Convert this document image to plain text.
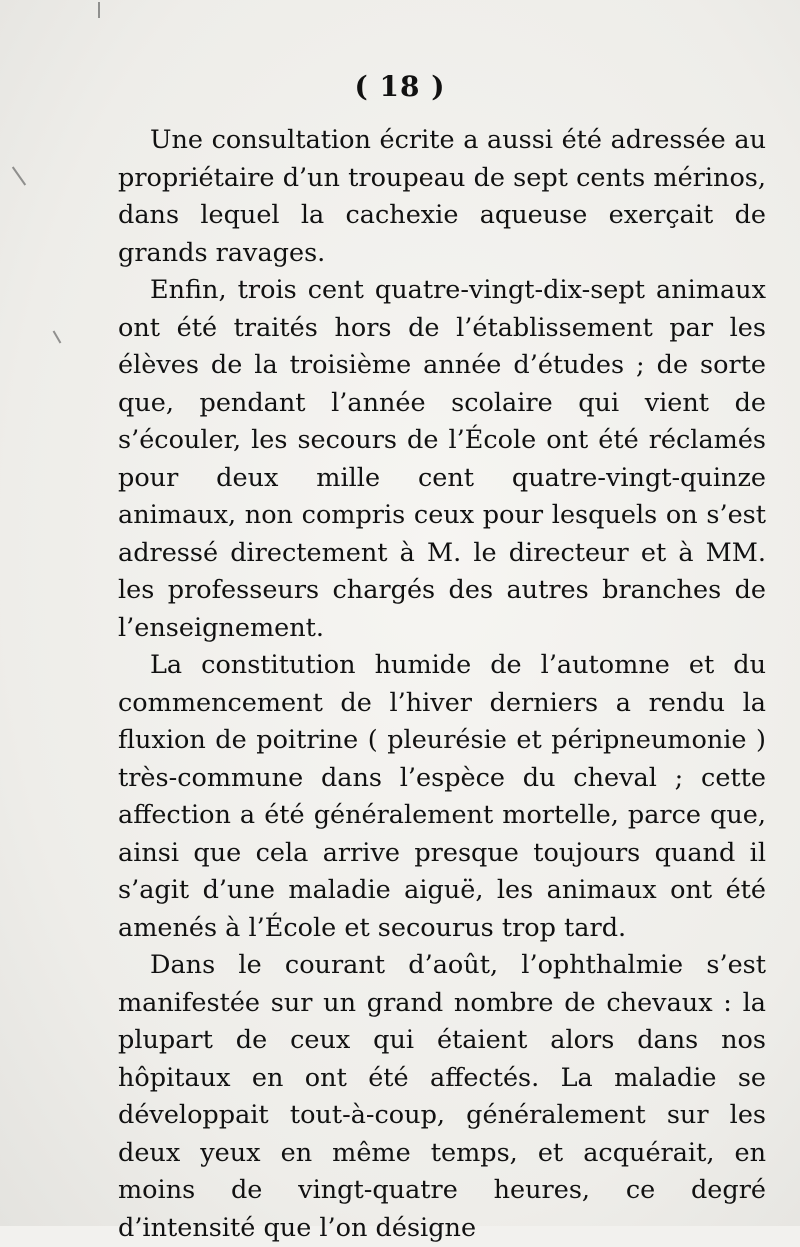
( 18 )

Une consultation écrite a aussi été adressée au propriétaire d’un troupeau de sept cents mérinos, dans lequel la cachexie aqueuse exerçait de grands ravages.

Enfin, trois cent quatre-vingt-dix-sept animaux ont été traités hors de l’établissement par les élèves de la troisième année d’études ; de sorte que, pendant l’année scolaire qui vient de s’écouler, les secours de l’École ont été réclamés pour deux mille cent quatre-vingt-quinze animaux, non compris ceux pour lesquels on s’est adressé directement à M. le directeur et à MM. les professeurs chargés des autres branches de l’enseignement.

La constitution humide de l’automne et du commencement de l’hiver derniers a rendu la fluxion de poitrine ( pleurésie et péripneumonie ) très-commune dans l’espèce du cheval ; cette affection a été généralement mortelle, parce que, ainsi que cela arrive presque toujours quand il s’agit d’une maladie aiguë, les animaux ont été amenés à l’École et secourus trop tard.

Dans le courant d’août, l’ophthalmie s’est manifestée sur un grand nombre de chevaux : la plupart de ceux qui étaient alors dans nos hôpitaux en ont été affectés. La maladie se développait tout-à-coup, généralement sur les deux yeux en même temps, et acquérait, en moins de vingt-quatre heures, ce degré d’intensité que l’on désigne
